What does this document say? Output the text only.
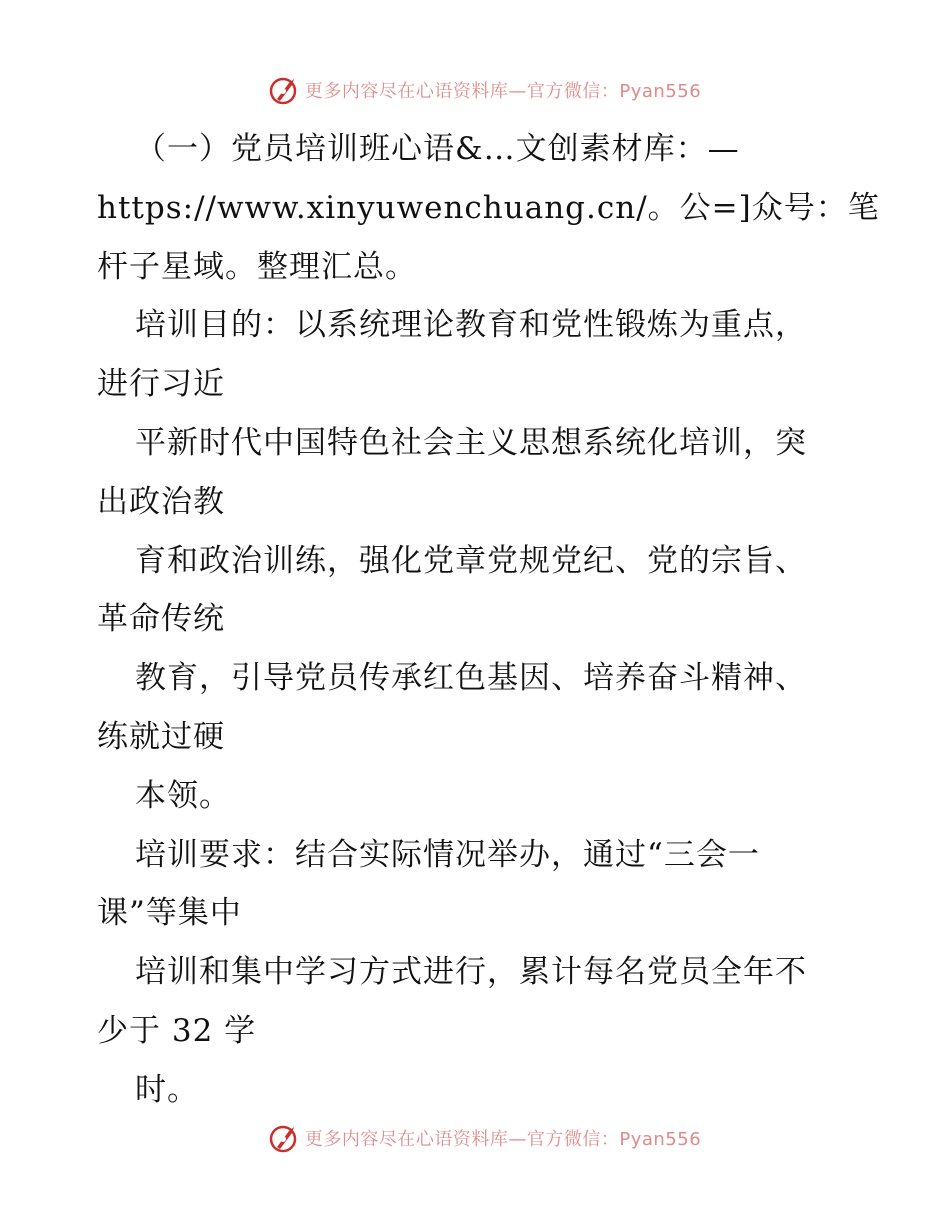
更多内容尽在心语资料库—官方微信：Pyan556
（一）党员培训班心语&…文创素材库：—
https://www.xinyuwenchuang.cn/。公=]众号：笔
杆子星域。整理汇总。
培训目的：以系统理论教育和党性锻炼为重点，
进行习近
平新时代中国特色社会主义思想系统化培训，突
出政治教
育和政治训练，强化党章党规党纪、党的宗旨、
革命传统
教育，引导党员传承红色基因、培养奋斗精神、
练就过硬
本领。
培训要求：结合实际情况举办，通过“三会一
课”等集中
培训和集中学习方式进行，累计每名党员全年不
少于 32 学
时。
更多内容尽在心语资料库—官方微信：Pyan556
